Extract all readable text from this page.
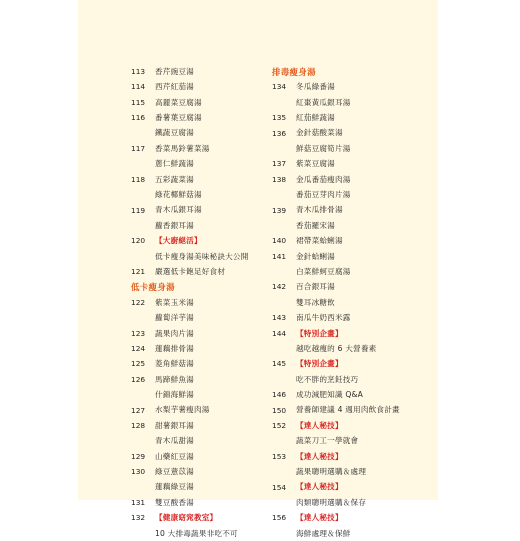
113	香芹豌豆湯
114	西芹紅茄湯
115	高麗菜豆腐湯
116	番薯葉豆腐湯
鐵蔬豆腐湯
117	香菜馬鈴薯菜湯
蔥仁鮮蔬湯
118	五彩蔬菜湯
綠花椰鮮菇湯
119	青木瓜銀耳湯
蘿香銀耳湯
120	【大廚絕活】
低卡瘦身湯美味秘訣大公開
121	嚴選低卡飽足好食材
低卡瘦身湯
122	紫菜玉米湯
蘿蔔洋芋湯
123	蔬果肉片湯
124	蓮藕排骨湯
125	菱角鮮菇湯
126	馬蹄鮮魚湯
什錦海鮮湯
127	水梨芋薯瘦肉湯
128	甜薯銀耳湯
青木瓜甜湯
129	山藥紅豆湯
130	綠豆薏苡湯
蓮藕綠豆湯
131	雙豆酸香湯
132	【健康窈窕教室】
10 大排毒蔬果非吃不可
排毒瘦身湯
134	冬瓜綠番湯
紅棗黃瓜銀耳湯
135	紅茄鮮蔬湯
136	金針菇酸菜湯
鮮菇豆腐筍片湯
137	紫菜豆腐湯
138	金瓜番茄瘦肉湯
番茄豆芽肉片湯
139	青木瓜排骨湯
香茄羅宋湯
140	裙帶菜蛤蜊湯
141	金針蛤蜊湯
白菜鮮蚵豆腐湯
142	百合銀耳湯
雙耳冰糖飲
143	南瓜牛奶西米露
144	【特別企畫】
越吃越瘦的 6 大營養素
145	【特別企畫】
吃不胖的烹飪技巧
146	成功減肥知識 Q&A
150	營養師建議 4 週用肉飲食計畫
152	【達人秘技】
蔬菜刀工一學就會
153	【達人秘技】
蔬果聰明選購＆處理
154	【達人秘技】
肉類聰明選購＆保存
156	【達人秘技】
海鮮處理＆保鮮
